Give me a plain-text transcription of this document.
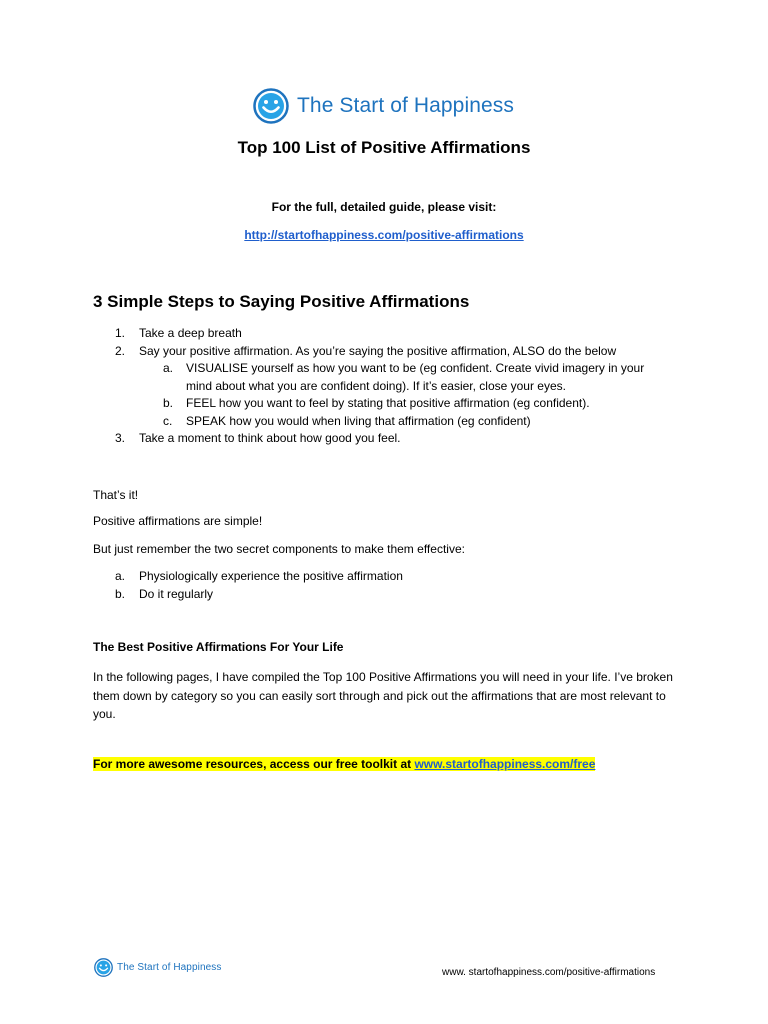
The Start of Happiness
Top 100 List of Positive Affirmations
For the full, detailed guide, please visit:
http://startofhappiness.com/positive-affirmations
3 Simple Steps to Saying Positive Affirmations
1.	Take a deep breath
2.	Say your positive affirmation. As you’re saying the positive affirmation, ALSO do the below
a.	VISUALISE yourself as how you want to be (eg confident. Create vivid imagery in your mind about what you are confident doing). If it’s easier, close your eyes.
b.	FEEL how you want to feel by stating that positive affirmation (eg confident).
c.	SPEAK how you would when living that affirmation (eg confident)
3.	Take a moment to think about how good you feel.
That’s it!
Positive affirmations are simple!
But just remember the two secret components to make them effective:
a.	Physiologically experience the positive affirmation
b.	Do it regularly
The Best Positive Affirmations For Your Life
In the following pages, I have compiled the Top 100 Positive Affirmations you will need in your life. I’ve broken them down by category so you can easily sort through and pick out the affirmations that are most relevant to you.
For more awesome resources, access our free toolkit at www.startofhappiness.com/free
The Start of Happiness	www. startofhappiness.com/positive-affirmations
